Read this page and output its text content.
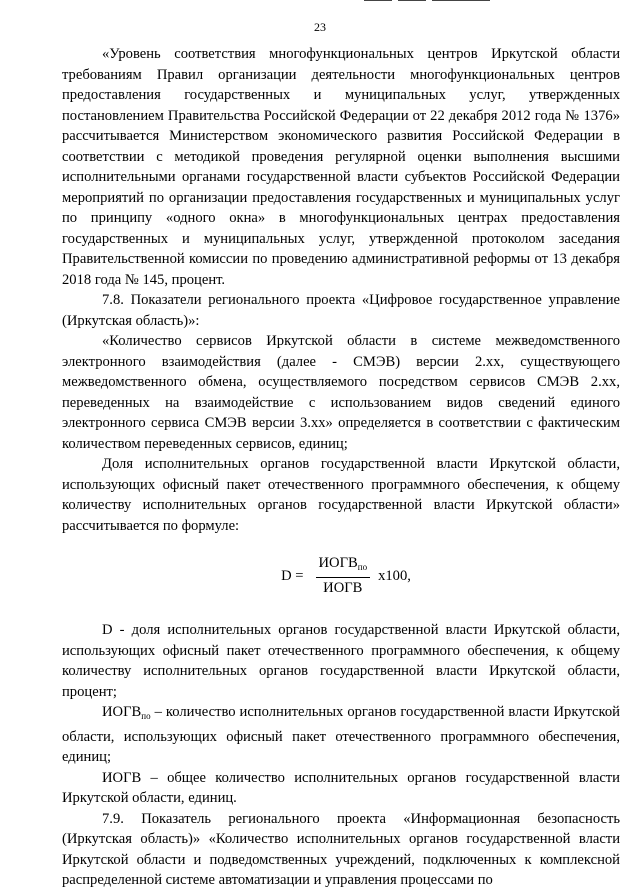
23

«Уровень соответствия многофункциональных центров Иркутской области требованиям Правил организации деятельности многофункциональных центров предоставления государственных и муниципальных услуг, утвержденных постановлением Правительства Российской Федерации от 22 декабря 2012 года № 1376» рассчитывается Министерством экономического развития Российской Федерации в соответствии с методикой проведения регулярной оценки выполнения высшими исполнительными органами государственной власти субъектов Российской Федерации мероприятий по организации предоставления государственных и муниципальных услуг по принципу «одного окна» в многофункциональных центрах предоставления государственных и муниципальных услуг, утвержденной протоколом заседания Правительственной комиссии по проведению административной реформы от 13 декабря 2018 года № 145, процент.

7.8. Показатели регионального проекта «Цифровое государственное управление (Иркутская область)»:

«Количество сервисов Иркутской области в системе межведомственного электронного взаимодействия (далее - СМЭВ) версии 2.хх, существующего межведомственного обмена, осуществляемого посредством сервисов СМЭВ 2.хх, переведенных на взаимодействие с использованием видов сведений единого электронного сервиса СМЭВ версии 3.хх» определяется в соответствии с фактическим количеством переведенных сервисов, единиц;

Доля исполнительных органов государственной власти Иркутской области, использующих офисный пакет отечественного программного обеспечения, к общему количеству исполнительных органов государственной власти Иркутской области» рассчитывается по формуле:

$D = \frac{ИОГВ_{по}}{\text{ИОГВ}} x100$,

D - доля исполнительных органов государственной власти Иркутской области, использующих офисный пакет отечественного программного обеспечения, к общему количеству исполнительных органов государственной власти Иркутской области, процент;

$ИОГВ_{по}$ – количество исполнительных органов государственной власти Иркутской области, использующих офисный пакет отечественного программного обеспечения, единиц;

ИОГВ – общее количество исполнительных органов государственной власти Иркутской области, единиц.

7.9. Показатель регионального проекта «Информационная безопасность (Иркутская область)» «Количество исполнительных органов государственной власти Иркутской области и подведомственных учреждений, подключенных к комплексной распределенной системе автоматизации и управления процессами по
